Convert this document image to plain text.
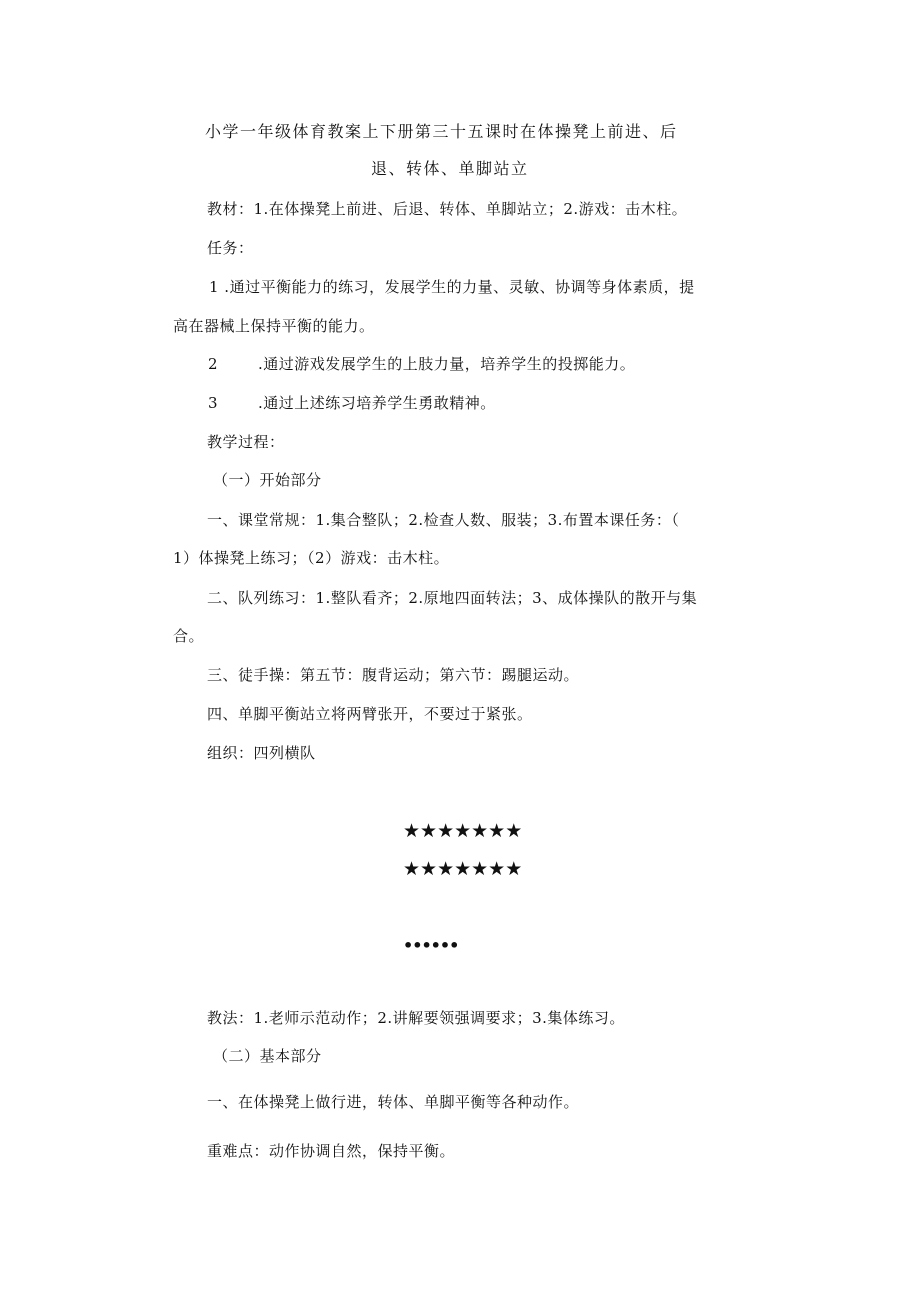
小学一年级体育教案上下册第三十五课时在体操凳上前进、后
退、转体、单脚站立
教材：1.在体操凳上前进、后退、转体、单脚站立；2.游戏：击木柱。
任务：
1 .通过平衡能力的练习，发展学生的力量、灵敏、协调等身体素质，提
高在器械上保持平衡的能力。
2	.通过游戏发展学生的上肢力量，培养学生的投掷能力。
3	.通过上述练习培养学生勇敢精神。
教学过程：
（一）开始部分
一、课堂常规：1.集合整队；2.检查人数、服装；3.布置本课任务：（
1）体操凳上练习；（2）游戏：击木柱。
二、队列练习：1.整队看齐；2.原地四面转法；3、成体操队的散开与集
合。
三、徒手操：第五节：腹背运动；第六节：踢腿运动。
四、单脚平衡站立将两臂张开，不要过于紧张。
组织：四列横队
★★★★★★★
★★★★★★★
••••••
教法：1.老师示范动作；2.讲解要领强调要求；3.集体练习。
（二）基本部分
一、在体操凳上做行进，转体、单脚平衡等各种动作。
重难点：动作协调自然，保持平衡。
